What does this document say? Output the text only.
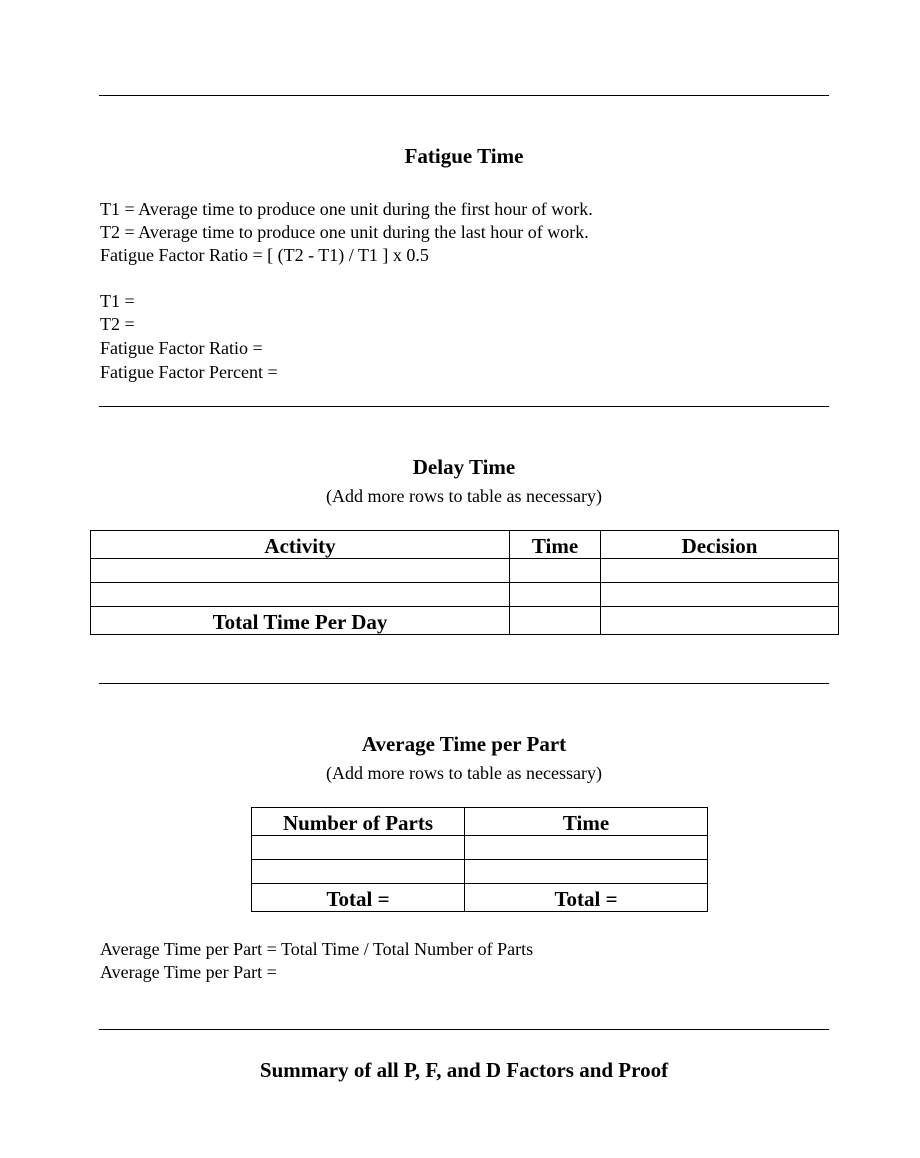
Fatigue Time
T1 = Average time to produce one unit during the first hour of work.
T2 = Average time to produce one unit during the last hour of work.
Fatigue Factor Ratio = [ (T2 - T1) / T1 ] x 0.5
T1 =
T2 =
Fatigue Factor Ratio =
Fatigue Factor Percent =
Delay Time
(Add more rows to table as necessary)
Activity	Time	Decision

Total Time Per Day		
Average Time per Part
(Add more rows to table as necessary)
Number of Parts	Time

Total =	Total =
Average Time per Part = Total Time / Total Number of Parts
Average Time per Part =
Summary of all P, F, and D Factors and Proof
